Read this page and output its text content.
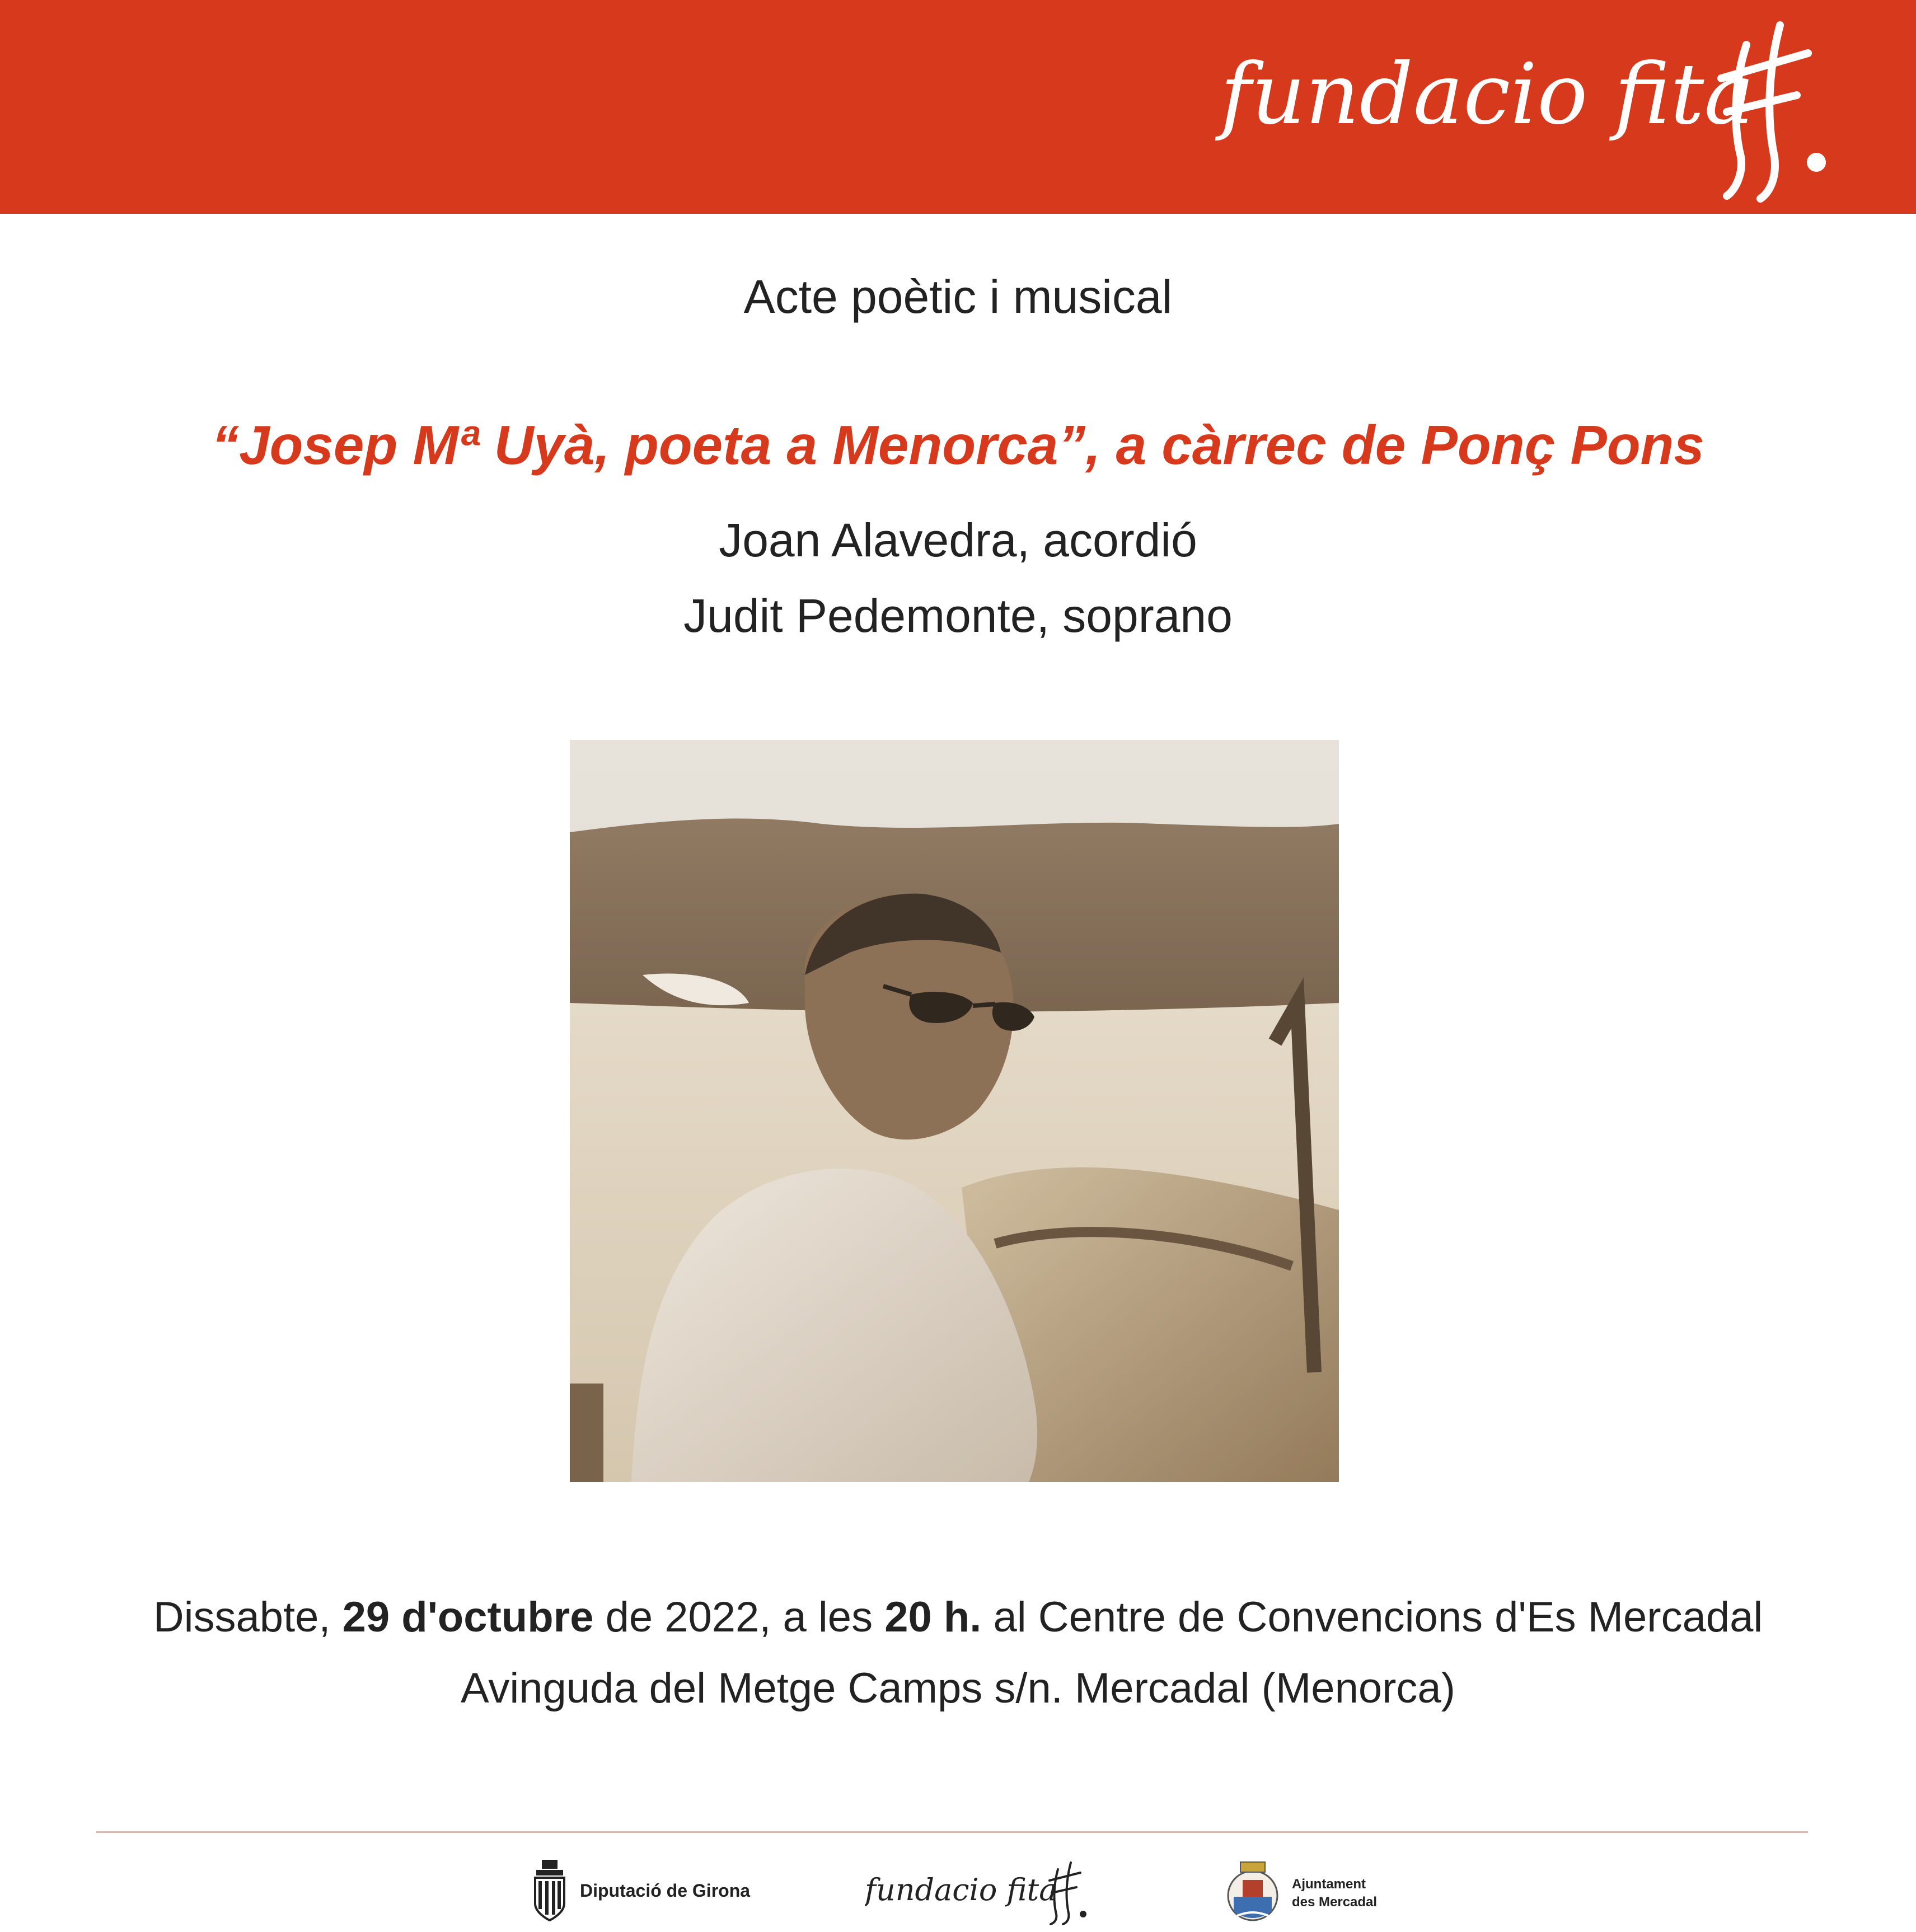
fundacio fita
Acte poètic i musical
“Josep Mª Uyà, poeta a Menorca”, a càrrec de Ponç Pons
Joan Alavedra, acordió
Judit Pedemonte, soprano
Dissabte, 29 d'octubre de 2022, a les 20 h. al Centre de Convencions d'Es Mercadal
Avinguda del Metge Camps s/n. Mercadal (Menorca)
Diputació de Girona	fundacio fita	Ajuntament
des Mercadal
